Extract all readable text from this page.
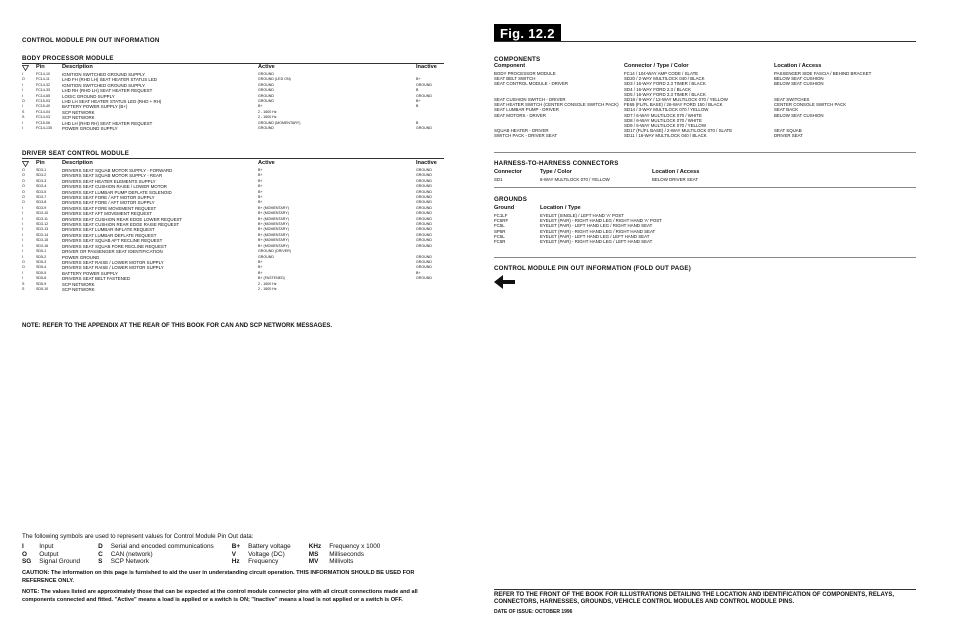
CONTROL MODULE PIN OUT INFORMATION
BODY PROCESSOR MODULE
Pin	Description	Active	Inactive
I	FC14-10	IGNITION SWITCHED GROUND SUPPLY	GROUND
O	FC14-11	LHD FH (RHD LH) SEAT HEATER STATUS LED	GROUND (LED ON)	B+
I	FC14-32	IGNITION SWITCHED GROUND SUPPLY	GROUND	GROUND
I	FC14-33	LHD RH (RHD LH) SEAT HEATER REQUEST	GROUND	B
I	FC14-65	LOGIC GROUND SUPPLY	GROUND	GROUND
O	FC15-03	LHD LH SEAT HEATER STATUS LED (RHD + RH)	GROUND	B+
I	FC15-40	BATTERY POWER SUPPLY (B+)	B+	B
S	FC14-04	SCP NETWORK	2 - 1600 Hz
S	FC14-03	SCP NETWORK	2 - 1600 Hz
I	FC15-06	LHD LH (RHD RH) SEAT HEATER REQUEST	GROUND (MOMENTARY)	B
I	FC14-135	POWER GROUND SUPPLY	GROUND	GROUND
DRIVER SEAT CONTROL MODULE
Pin	Description	Active	Inactive
O	SD3-1	DRIVERS SEAT SQUAB MOTOR SUPPLY - FORWARD	B+	GROUND
O	SD3-2	DRIVERS SEAT SQUAB MOTOR SUPPLY - REAR	B+	GROUND
O	SD3-3	DRIVERS SEAT HEATER ELEMENTS SUPPLY	B+	GROUND
O	SD3-4	DRIVERS SEAT CUSHION RAISE / LOWER MOTOR	B+	GROUND
O	SD3-5	DRIVERS SEAT LUMBAR PUMP DEFLATE SOLENOID	B+	GROUND
O	SD3-7	DRIVERS SEAT FORE / AFT MOTOR SUPPLY	B+	GROUND
O	SD3-8	DRIVERS SEAT FORE / AFT MOTOR SUPPLY	B+	GROUND
I	SD3-9	DRIVERS SEAT FORE MOVEMENT REQUEST	B+ (MOMENTARY)	GROUND
I	SD3-10	DRIVERS SEAT AFT MOVEMENT REQUEST	B+ (MOMENTARY)	GROUND
I	SD3-11	DRIVERS SEAT CUSHION REAR EDGE LOWER REQUEST	B+ (MOMENTARY)	GROUND
I	SD3-12	DRIVERS SEAT CUSHION REAR EDGE RAISE REQUEST	B+ (MOMENTARY)	GROUND
I	SD3-13	DRIVERS SEAT LUMBAR INFLATE REQUEST	B+ (MOMENTARY)	GROUND
I	SD3-14	DRIVERS SEAT LUMBAR DEFLATE REQUEST	B+ (MOMENTARY)	GROUND
I	SD3-15	DRIVERS SEAT SQUAB AFT RECLINE REQUEST	B+ (MOMENTARY)	GROUND
I	SD3-16	DRIVERS SEAT SQUAB FORE RECLINE REQUEST	B+ (MOMENTARY)	GROUND
I	SD5-1	DRIVER OR PASSENGER SEAT IDENTIFICATION	GROUND (DRIVER)
I	SD5-2	POWER GROUND	GROUND	GROUND
O	SD5-3	DRIVERS SEAT RAISE / LOWER MOTOR SUPPLY	B+	GROUND
O	SD5-4	DRIVERS SEAT RAISE / LOWER MOTOR SUPPLY	B+	GROUND
I	SD5-5	BATTERY POWER SUPPLY	B+	B+
I	SD5-6	DRIVERS SEAT BELT FASTENED	B+ (FASTENED)	GROUND
S	SD5-9	SCP NETWORK	2 - 1600 Hz
S	SD5-10	SCP NETWORK	2 - 1600 Hz
NOTE: REFER TO THE APPENDIX AT THE REAR OF THIS BOOK FOR CAN AND SCP NETWORK MESSAGES.
The following symbols are used to represent values for Control Module Pin Out data:
I	Input	D	Serial and encoded communications	B+	Battery voltage	KHz	Frequency x 1000
O	Output	C	CAN (network)	V	Voltage (DC)	MS	Milliseconds
SG	Signal Ground	S	SCP Network	Hz	Frequency	MV	Millivolts
CAUTION: The information on this page is furnished to aid the user in understanding circuit operation. THIS INFORMATION SHOULD BE USED FOR REFERENCE ONLY.
NOTE: The values listed are approximately those that can be expected at the control module connector pins with all circuit connections made and all components connected and fitted. "Active" means a load is applied or a switch is ON; "Inactive" means a load is not applied or a switch is OFF.
Fig. 12.2
COMPONENTS
Component	Connector / Type / Color	Location / Access
BODY PROCESSOR MODULE	FC14 / 104-WAY AMP CODE / SLATE	PASSENGER SIDE FASCIA / BEHIND BRACKET
SEAT BELT SWITCH	SD20 / 2-WAY MULTILOCK 040 / BLACK	BELOW SEAT CUSHION
SEAT CONTROL MODULE - DRIVER	SD3 / 16-WAY FORD 2.3 TIMER / BLACK	BELOW SEAT CUSHION
SD4 / 16-WAY FORD 2.3 / BLACK
SD5 / 16-WAY FORD 2.3 TIMER / BLACK
SEAT CUSHION SWITCH - DRIVER	SD18 / 8-WAY / 12-WAY MULTILOCK 070 / YELLOW	SEAT SWITCHES
SEAT HEATER SWITCH (CENTER CONSOLE SWITCH PACK)	FE69 (FL/FL BASE) / 26-WAY FORD 150 / BLACK	CENTER CONSOLE SWITCH PACK
SEAT LUMBAR PUMP - DRIVER	SD14 / 3-WAY MULTILOCK 070 / YELLOW	SEAT BACK
SEAT MOTORS - DRIVER	SD7 / 6-WAY MULTILOCK 070 / WHITE	BELOW SEAT CUSHION
SD8 / 6-WAY MULTILOCK 070 / WHITE
SD9 / 6-WAY MULTILOCK 070 / YELLOW
SQUAB HEATER - DRIVER	SD17 (FL/FL BASE) / 2-WAY MULTILOCK 070 / SLATE	SEAT SQUAB
SWITCH PACK - DRIVER SEAT	SD11 / 16-WAY MULTILOCK 040 / BLACK	DRIVER SEAT
HARNESS-TO-HARNESS CONNECTORS
Connector	Type / Color	Location / Access
SD1	8-WAY MULTILOCK 070 / YELLOW	BELOW DRIVER SEAT
GROUNDS
Ground	Location / Type
FC1LF	EYELET (SINGLE) / LEFT HAND 'A' POST
FC5RF	EYELET (PAIR) - RIGHT HAND LEG / RIGHT HAND 'A' POST
FC5L	EYELET (PAIR) - LEFT HAND LEG / RIGHT HAND SEAT
SP5R	EYELET (PAIR) - RIGHT HAND LEG / RIGHT HAND SEAT
FC5L	EYELET (PAIR) - LEFT HAND LEG / LEFT HAND SEAT
FC5R	EYELET (PAIR) - RIGHT HAND LEG / LEFT HAND SEAT
CONTROL MODULE PIN OUT INFORMATION (FOLD OUT PAGE)
REFER TO THE FRONT OF THE BOOK FOR ILLUSTRATIONS DETAILING THE LOCATION AND IDENTIFICATION OF COMPONENTS, RELAYS, CONNECTORS, HARNESSES, GROUNDS, VEHICLE CONTROL MODULES AND CONTROL MODULE PINS.
DATE OF ISSUE: OCTOBER 1996
